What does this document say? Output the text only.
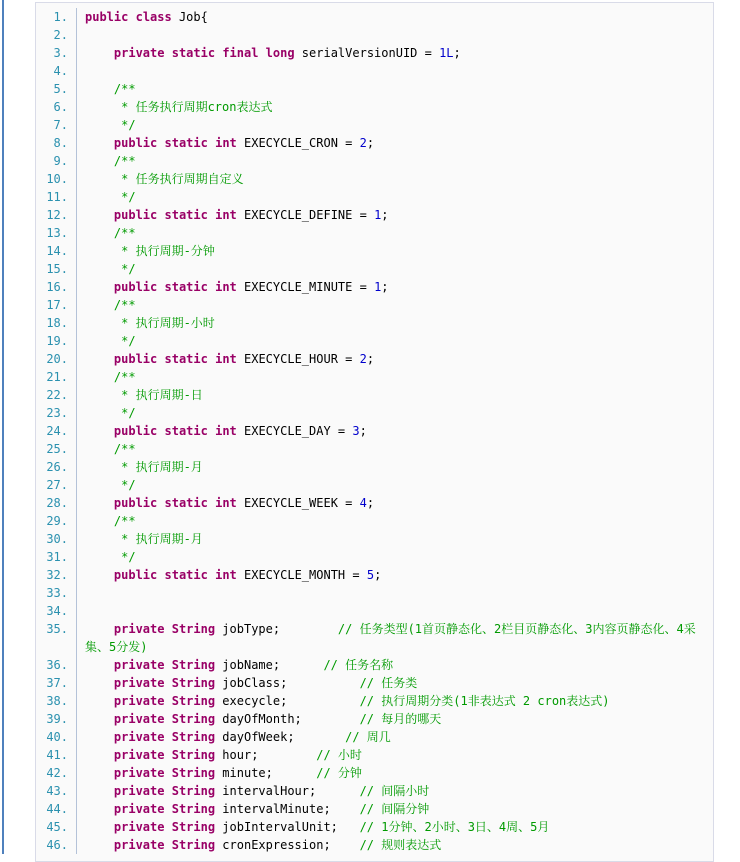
1.	public class Job{
2.
3.	private static final long serialVersionUID = 1L;
4.
5.	/**
6.	* 任务执行周期cron表达式
7.	*/
8.	public static int EXECYCLE_CRON = 2;
9.	/**
10.	* 任务执行周期自定义
11.	*/
12.	public static int EXECYCLE_DEFINE = 1;
13.	/**
14.	* 执行周期-分钟
15.	*/
16.	public static int EXECYCLE_MINUTE = 1;
17.	/**
18.	* 执行周期-小时
19.	*/
20.	public static int EXECYCLE_HOUR = 2;
21.	/**
22.	* 执行周期-日
23.	*/
24.	public static int EXECYCLE_DAY = 3;
25.	/**
26.	* 执行周期-月
27.	*/
28.	public static int EXECYCLE_WEEK = 4;
29.	/**
30.	* 执行周期-月
31.	*/
32.	public static int EXECYCLE_MONTH = 5;
33.
34.
35.	private String jobType;        // 任务类型(1首页静态化、2栏目页静态化、3内容页静态化、4采集、5分发)
36.	private String jobName;      // 任务名称
37.	private String jobClass;          // 任务类
38.	private String execycle;          // 执行周期分类(1非表达式 2 cron表达式)
39.	private String dayOfMonth;        // 每月的哪天
40.	private String dayOfWeek;       // 周几
41.	private String hour;        // 小时
42.	private String minute;      // 分钟
43.	private String intervalHour;      // 间隔小时
44.	private String intervalMinute;    // 间隔分钟
45.	private String jobIntervalUnit;   // 1分钟、2小时、3日、4周、5月
46.	private String cronExpression;    // 规则表达式
